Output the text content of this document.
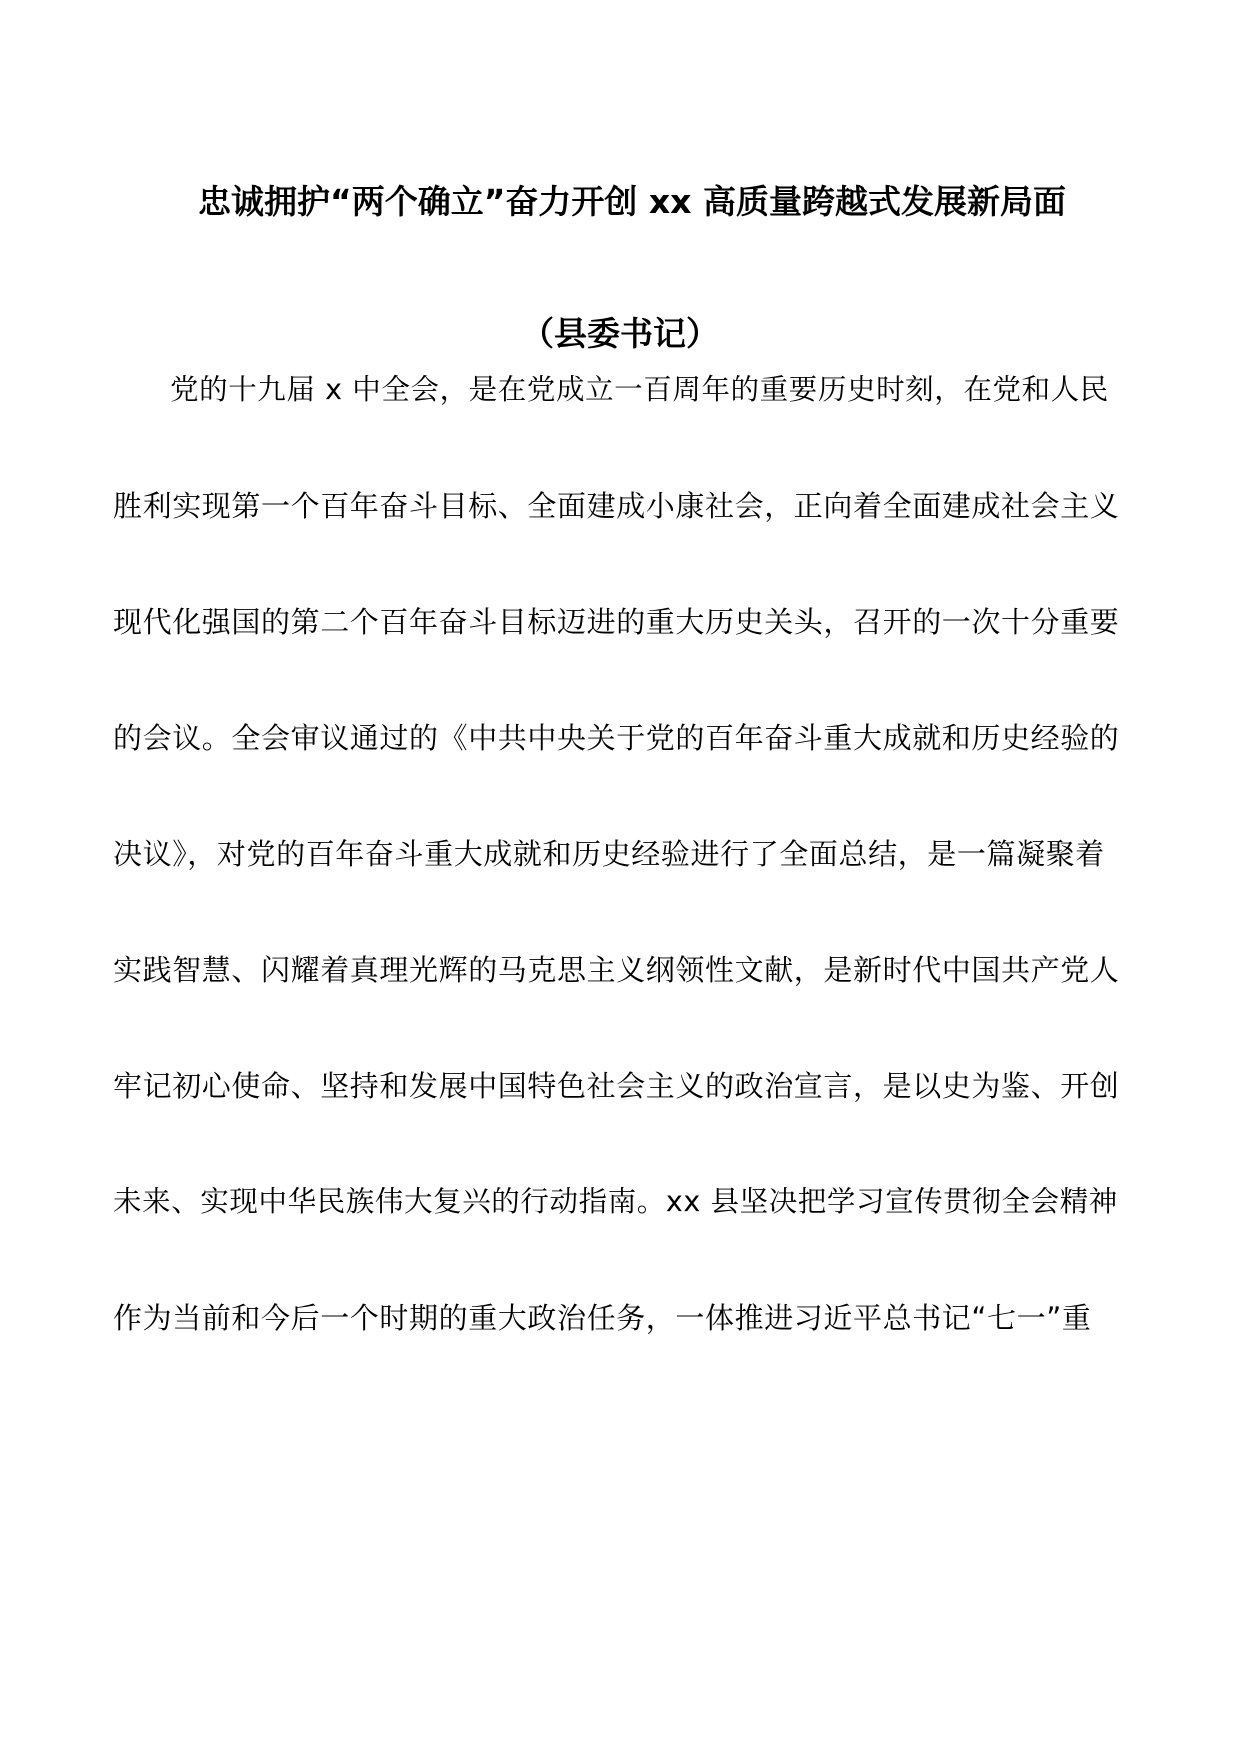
忠诚拥护“两个确立”奋力开创 xx 高质量跨越式发展新局面
（县委书记）
党的十九届 x 中全会，是在党成立一百周年的重要历史时刻，在党和人民
胜利实现第一个百年奋斗目标、全面建成小康社会，正向着全面建成社会主义
现代化强国的第二个百年奋斗目标迈进的重大历史关头，召开的一次十分重要
的会议。全会审议通过的《中共中央关于党的百年奋斗重大成就和历史经验的
决议》，对党的百年奋斗重大成就和历史经验进行了全面总结，是一篇凝聚着
实践智慧、闪耀着真理光辉的马克思主义纲领性文献，是新时代中国共产党人
牢记初心使命、坚持和发展中国特色社会主义的政治宣言，是以史为鉴、开创
未来、实现中华民族伟大复兴的行动指南。xx 县坚决把学习宣传贯彻全会精神
作为当前和今后一个时期的重大政治任务，一体推进习近平总书记“七一”重
